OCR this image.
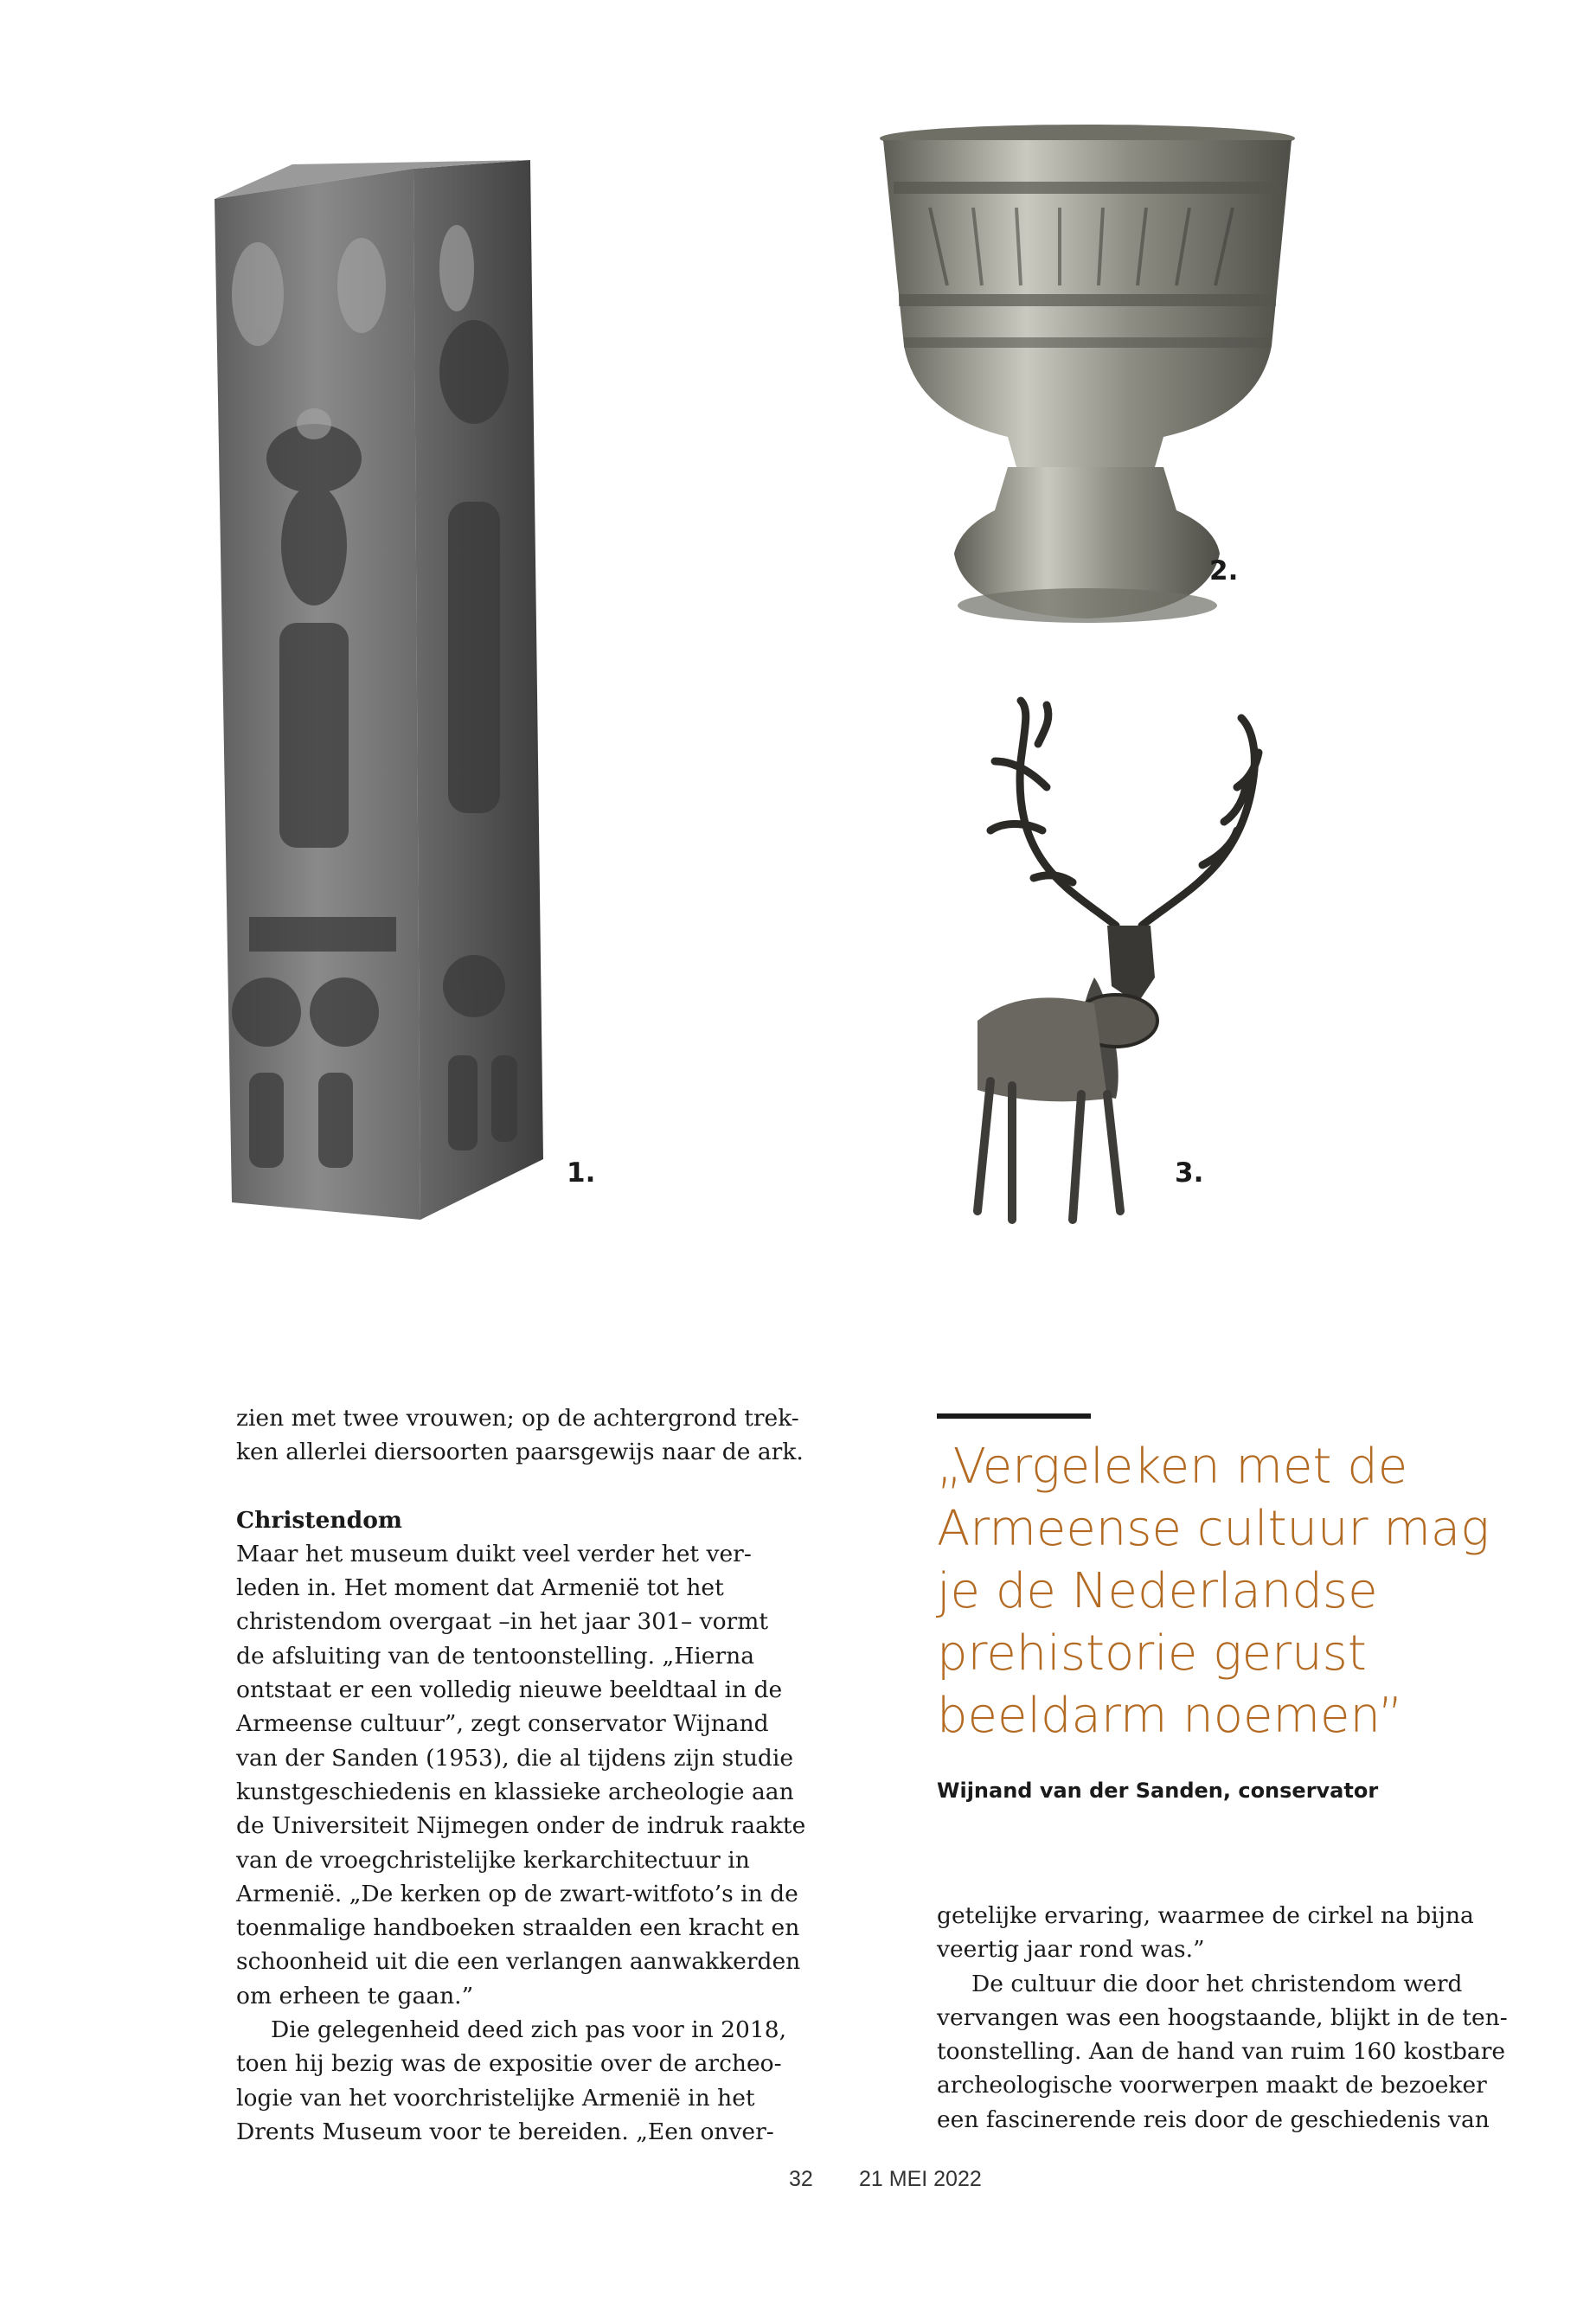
1.
2.
3.

zien met twee vrouwen; op de achtergrond trek-
ken allerlei diersoorten paarsgewijs naar de ark.

Christendom
Maar het museum duikt veel verder het ver-
leden in. Het moment dat Armenië tot het
christendom overgaat –in het jaar 301– vormt
de afsluiting van de tentoonstelling. „Hierna
ontstaat er een volledig nieuwe beeldtaal in de
Armeense cultuur”, zegt conservator Wijnand
van der Sanden (1953), die al tijdens zijn studie
kunstgeschiedenis en klassieke archeologie aan
de Universiteit Nijmegen onder de indruk raakte
van de vroegchristelijke kerkarchitectuur in
Armenië. „De kerken op de zwart-witfoto’s in de
toenmalige handboeken straalden een kracht en
schoonheid uit die een verlangen aanwakkerden
om erheen te gaan.”

Die gelegenheid deed zich pas voor in 2018,
toen hij bezig was de expositie over de archeo-
logie van het voorchristelijke Armenië in het
Drents Museum voor te bereiden. „Een onver-

„Vergeleken met de
Armeense cultuur mag
je de Nederlandse
prehistorie gerust
beeldarm noemen”
Wijnand van der Sanden, conservator

getelijke ervaring, waarmee de cirkel na bijna
veertig jaar rond was.”

De cultuur die door het christendom werd
vervangen was een hoogstaande, blijkt in de ten-
toonstelling. Aan de hand van ruim 160 kostbare
archeologische voorwerpen maakt de bezoeker
een fascinerende reis door de geschiedenis van

32 21 MEI 2022
